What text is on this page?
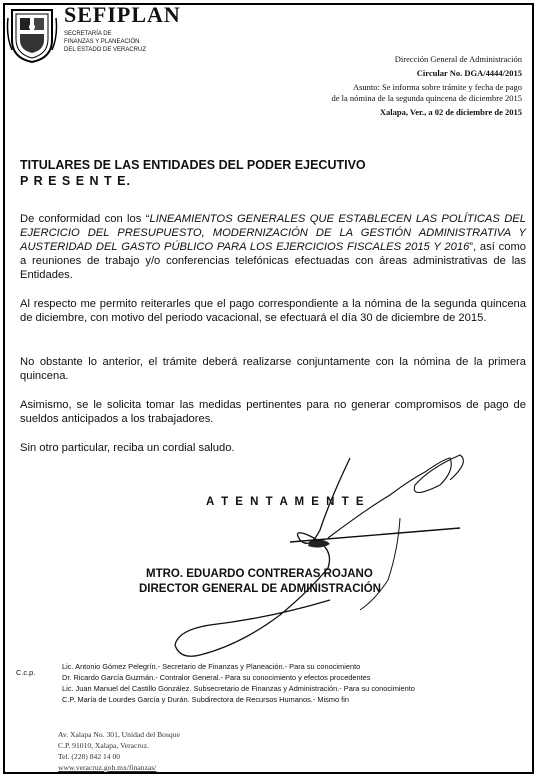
SEFIPLAN
SECRETARÍA DE
FINANZAS Y PLANEACIÓN
DEL ESTADO DE VERACRUZ
Dirección General de Administración
Circular No. DGA/4444/2015
Asunto: Se informa sobre trámite y fecha de pago
de la nómina de la segunda quincena de diciembre 2015
Xalapa, Ver., a 02 de diciembre de 2015
TITULARES DE LAS ENTIDADES DEL PODER EJECUTIVO
P R E S E N T E.

De conformidad con los “LINEAMIENTOS GENERALES QUE ESTABLECEN LAS POLÍTICAS DEL EJERCICIO DEL PRESUPUESTO, MODERNIZACIÓN DE LA GESTIÓN ADMINISTRATIVA Y AUSTERIDAD DEL GASTO PÚBLICO PARA LOS EJERCICIOS FISCALES 2015 Y 2016”, así como a reuniones de trabajo y/o conferencias telefónicas efectuadas con áreas administrativas de las Entidades.

Al respecto me permito reiterarles que el pago correspondiente a la nómina de la segunda quincena de diciembre, con motivo del periodo vacacional, se efectuará el día 30 de diciembre de 2015.

No obstante lo anterior, el trámite deberá realizarse conjuntamente con la nómina de la primera quincena.

Asimismo, se le solicita tomar las medidas pertinentes para no generar compromisos de pago de sueldos anticipados a los trabajadores.

Sin otro particular, reciba un cordial saludo.

A T E N T A M E N T E
MTRO. EDUARDO CONTRERAS ROJANO
DIRECTOR GENERAL DE ADMINISTRACIÓN
C.c.p.
Lic. Antonio Gómez Pelegrín.- Secretario de Finanzas y Planeación.- Para su conocimiento
Dr. Ricardo García Guzmán.- Contralor General.- Para su conocimiento y efectos procedentes
Lic. Juan Manuel del Castillo González. Subsecretario de Finanzas y Administración.- Para su conocimiento
C.P. María de Lourdes García y Durán. Subdirectora de Recursos Humanos.- Mismo fin
Av. Xalapa No. 301, Unidad del Bosque
C.P. 91010, Xalapa, Veracruz.
Tel. (228) 842 14 00
www.veracruz.gob.mx/finanzas/
